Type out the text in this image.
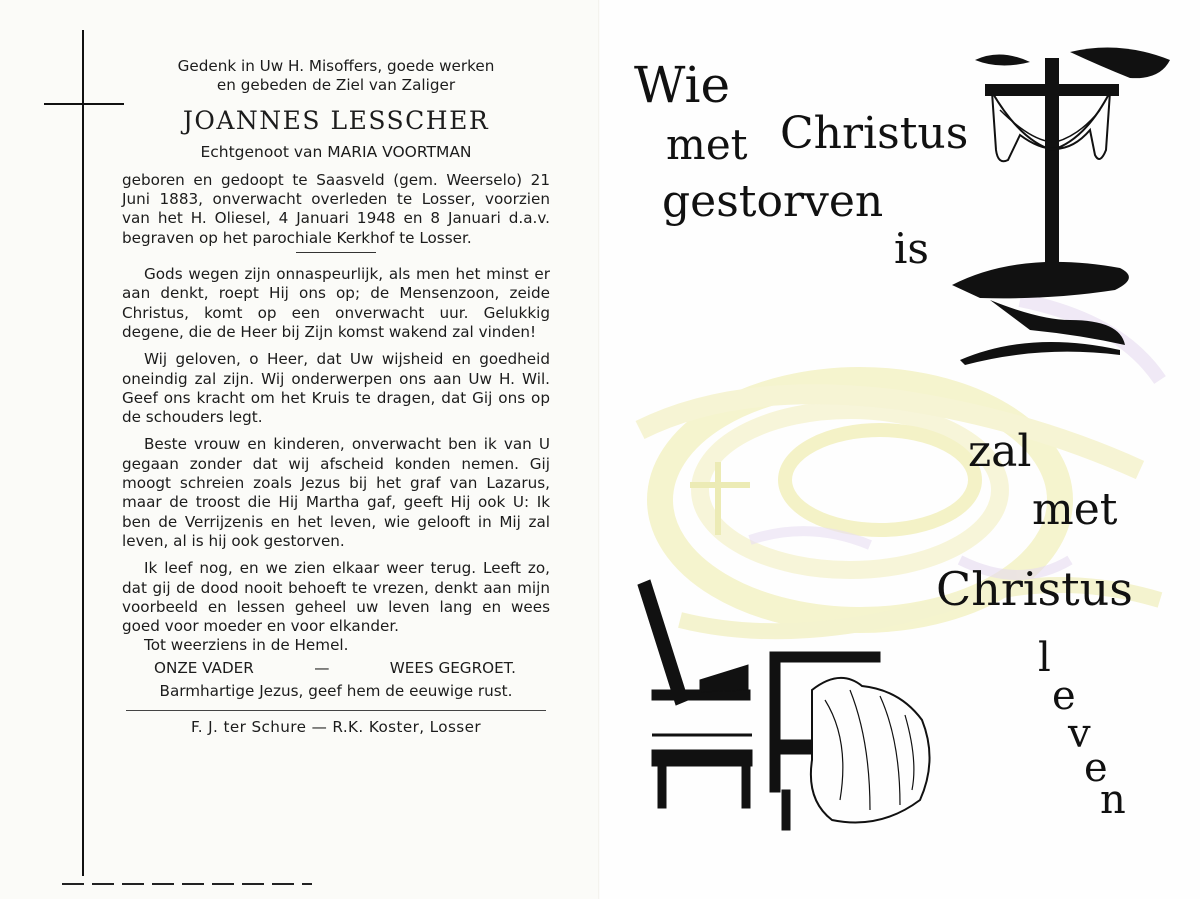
Gedenk in Uw H. Misoffers, goede werken
en gebeden de Ziel van Zaliger
JOANNES LESSCHER
Echtgenoot van MARIA VOORTMAN
geboren en gedoopt te Saasveld (gem. Weerselo) 21 Juni 1883, onverwacht overleden te Losser, voorzien van het H. Oliesel, 4 Januari 1948 en 8 Januari d.a.v. begraven op het parochiale Kerkhof te Losser.

Gods wegen zijn onnaspeurlijk, als men het minst er aan denkt, roept Hij ons op; de Mensenzoon, zeide Christus, komt op een onverwacht uur. Gelukkig degene, die de Heer bij Zijn komst wakend zal vinden!

Wij geloven, o Heer, dat Uw wijsheid en goedheid oneindig zal zijn. Wij onderwerpen ons aan Uw H. Wil. Geef ons kracht om het Kruis te dragen, dat Gij ons op de schouders legt.

Beste vrouw en kinderen, onverwacht ben ik van U gegaan zonder dat wij afscheid konden nemen. Gij moogt schreien zoals Jezus bij het graf van Lazarus, maar de troost die Hij Martha gaf, geeft Hij ook U: Ik ben de Verrijzenis en het leven, wie gelooft in Mij zal leven, al is hij ook gestorven.

Ik leef nog, en we zien elkaar weer terug. Leeft zo, dat gij de dood nooit behoeft te vrezen, denkt aan mijn voorbeeld en lessen geheel uw leven lang en wees goed voor moeder en voor elkander.

Tot weerziens in de Hemel.
ONZE VADER	—	WEES GEGROET.
Barmhartige Jezus, geef hem de eeuwige rust.
F. J. ter Schure — R.K. Koster, Losser
Wie
met Christus
gestorven
is
zal
met
Christus
l
e
v
e
n
